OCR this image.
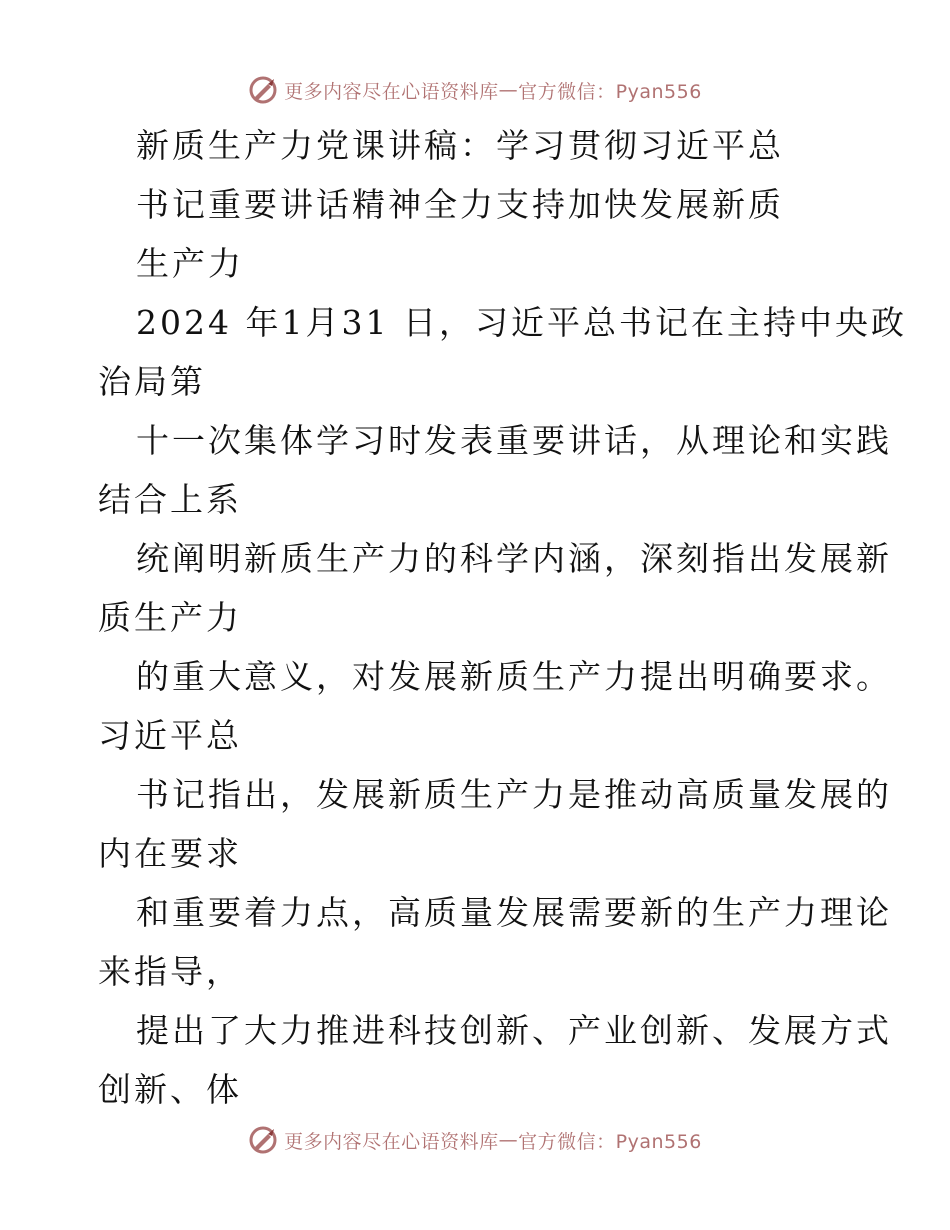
更多内容尽在心语资料库 — 官方微信：Pyan556
新质生产力党课讲稿：学习贯彻习近平总
书记重要讲话精神全力支持加快发展新质
生产力
2024 年1月31 日，习近平总书记在主持中央政
治局第
十一次集体学习时发表重要讲话，从理论和实践
结合上系
统阐明新质生产力的科学内涵，深刻指出发展新
质生产力
的重大意义，对发展新质生产力提出明确要求。
习近平总
书记指出，发展新质生产力是推动高质量发展的
内在要求
和重要着力点，高质量发展需要新的生产力理论
来指导，
提出了大力推进科技创新、产业创新、发展方式
创新、体
更多内容尽在心语资料库 — 官方微信：Pyan556
